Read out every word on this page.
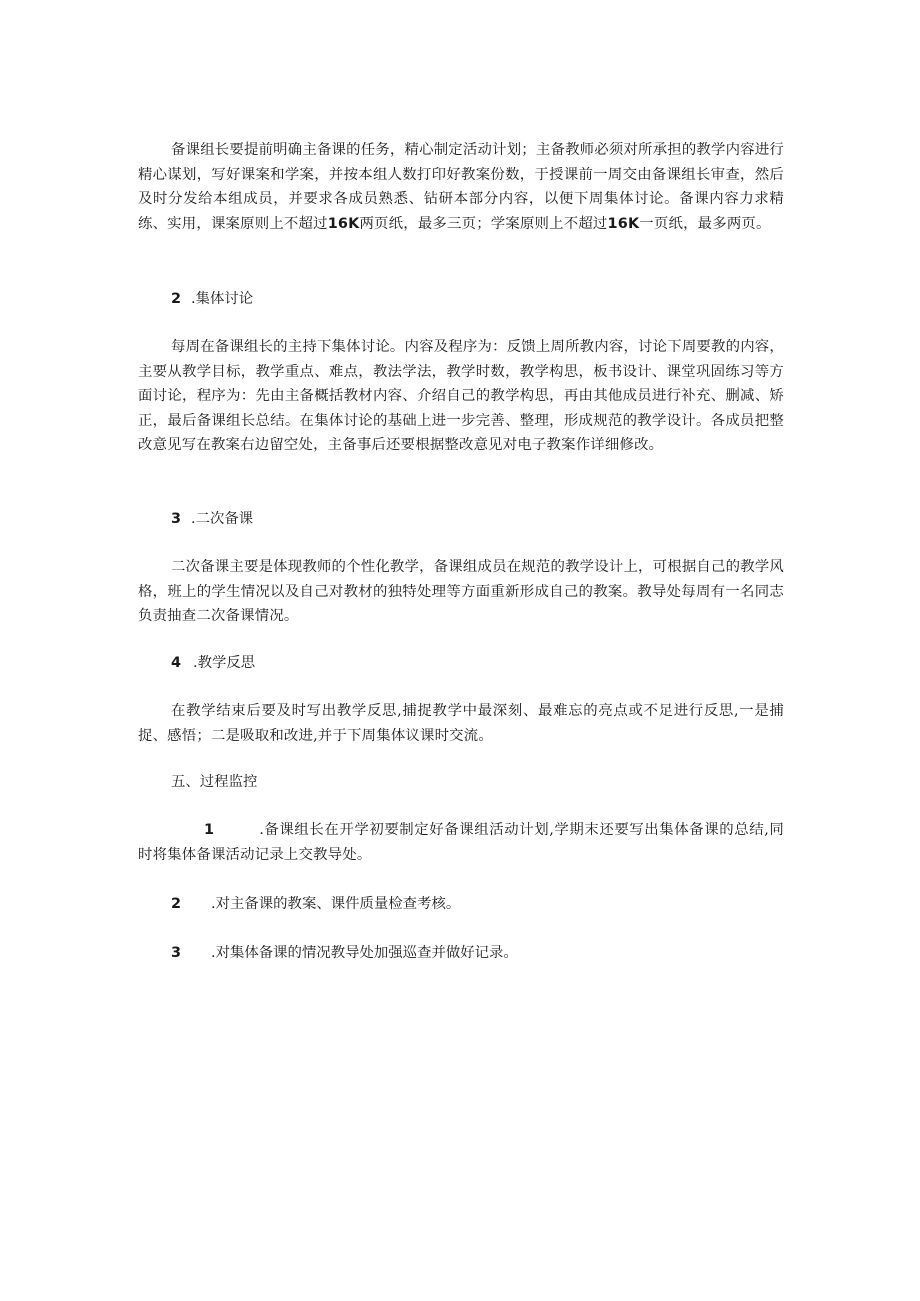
备课组长要提前明确主备课的任务，精心制定活动计划；主备教师必须对所承担的教学内容进行精心谋划，写好课案和学案，并按本组人数打印好教案份数，于授课前一周交由备课组长审查，然后及时分发给本组成员，并要求各成员熟悉、钻研本部分内容，以便下周集体讨论。备课内容力求精练、实用，课案原则上不超过16K两页纸，最多三页；学案原则上不超过16K一页纸，最多两页。

2 .集体讨论

每周在备课组长的主持下集体讨论。内容及程序为：反馈上周所教内容，讨论下周要教的内容，主要从教学目标，教学重点、难点，教法学法，教学时数，教学构思，板书设计、课堂巩固练习等方面讨论，程序为：先由主备概括教材内容、介绍自己的教学构思，再由其他成员进行补充、删减、矫正，最后备课组长总结。在集体讨论的基础上进一步完善、整理，形成规范的教学设计。各成员把整改意见写在教案右边留空处，主备事后还要根据整改意见对电子教案作详细修改。

3 .二次备课

二次备课主要是体现教师的个性化教学，备课组成员在规范的教学设计上，可根据自己的教学风格，班上的学生情况以及自己对教材的独特处理等方面重新形成自己的教案。教导处每周有一名同志负责抽查二次备课情况。

4 .教学反思

在教学结束后要及时写出教学反思,捕捉教学中最深刻、最难忘的亮点或不足进行反思,一是捕捉、感悟；二是吸取和改进,并于下周集体议课时交流。

五、过程监控

1	.备课组长在开学初要制定好备课组活动计划,学期末还要写出集体备课的总结,同时将集体备课活动记录上交教导处。

2 .对主备课的教案、课件质量检查考核。

3 .对集体备课的情况教导处加强巡查并做好记录。
